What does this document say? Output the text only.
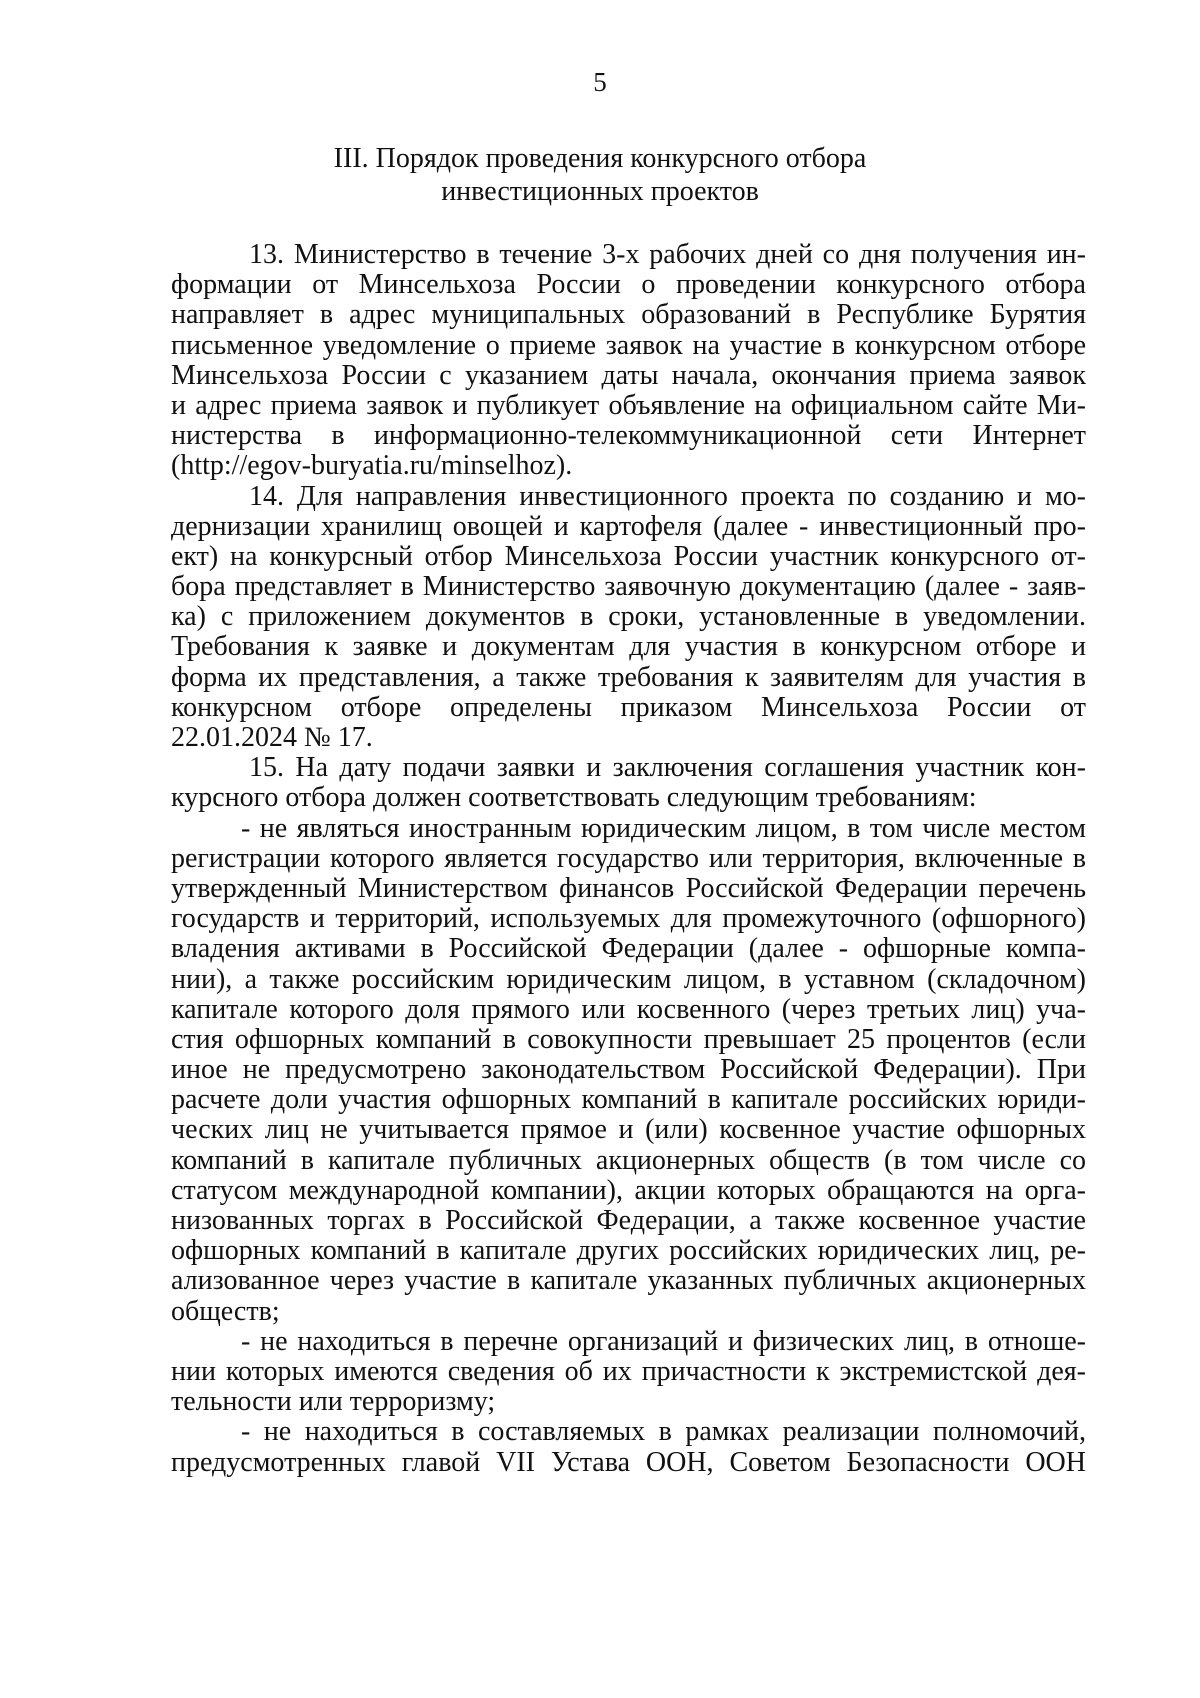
5
III. Порядок проведения конкурсного отбора
инвестиционных проектов
13. Министерство в течение 3-х рабочих дней со дня получения ин-
формации от Минсельхоза России о проведении конкурсного отбора
направляет в адрес муниципальных образований в Республике Бурятия
письменное уведомление о приеме заявок на участие в конкурсном отборе
Минсельхоза России с указанием даты начала, окончания приема заявок
и адрес приема заявок и публикует объявление на официальном сайте Ми-
нистерства в информационно-телекоммуникационной сети Интернет
(http://egov-buryatia.ru/minselhoz).
14. Для направления инвестиционного проекта по созданию и мо-
дернизации хранилищ овощей и картофеля (далее - инвестиционный про-
ект) на конкурсный отбор Минсельхоза России участник конкурсного от-
бора представляет в Министерство заявочную документацию (далее - заяв-
ка) с приложением документов в сроки, установленные в уведомлении.
Требования к заявке и документам для участия в конкурсном отборе и
форма их представления, а также требования к заявителям для участия в
конкурсном отборе определены приказом Минсельхоза России от
22.01.2024 № 17.
15. На дату подачи заявки и заключения соглашения участник кон-
курсного отбора должен соответствовать следующим требованиям:
- не являться иностранным юридическим лицом, в том числе местом
регистрации которого является государство или территория, включенные в
утвержденный Министерством финансов Российской Федерации перечень
государств и территорий, используемых для промежуточного (офшорного)
владения активами в Российской Федерации (далее - офшорные компа-
нии), а также российским юридическим лицом, в уставном (складочном)
капитале которого доля прямого или косвенного (через третьих лиц) уча-
стия офшорных компаний в совокупности превышает 25 процентов (если
иное не предусмотрено законодательством Российской Федерации). При
расчете доли участия офшорных компаний в капитале российских юриди-
ческих лиц не учитывается прямое и (или) косвенное участие офшорных
компаний в капитале публичных акционерных обществ (в том числе со
статусом международной компании), акции которых обращаются на орга-
низованных торгах в Российской Федерации, а также косвенное участие
офшорных компаний в капитале других российских юридических лиц, ре-
ализованное через участие в капитале указанных публичных акционерных
обществ;
- не находиться в перечне организаций и физических лиц, в отноше-
нии которых имеются сведения об их причастности к экстремистской дея-
тельности или терроризму;
- не находиться в составляемых в рамках реализации полномочий,
предусмотренных главой VII Устава ООН, Советом Безопасности ООН
